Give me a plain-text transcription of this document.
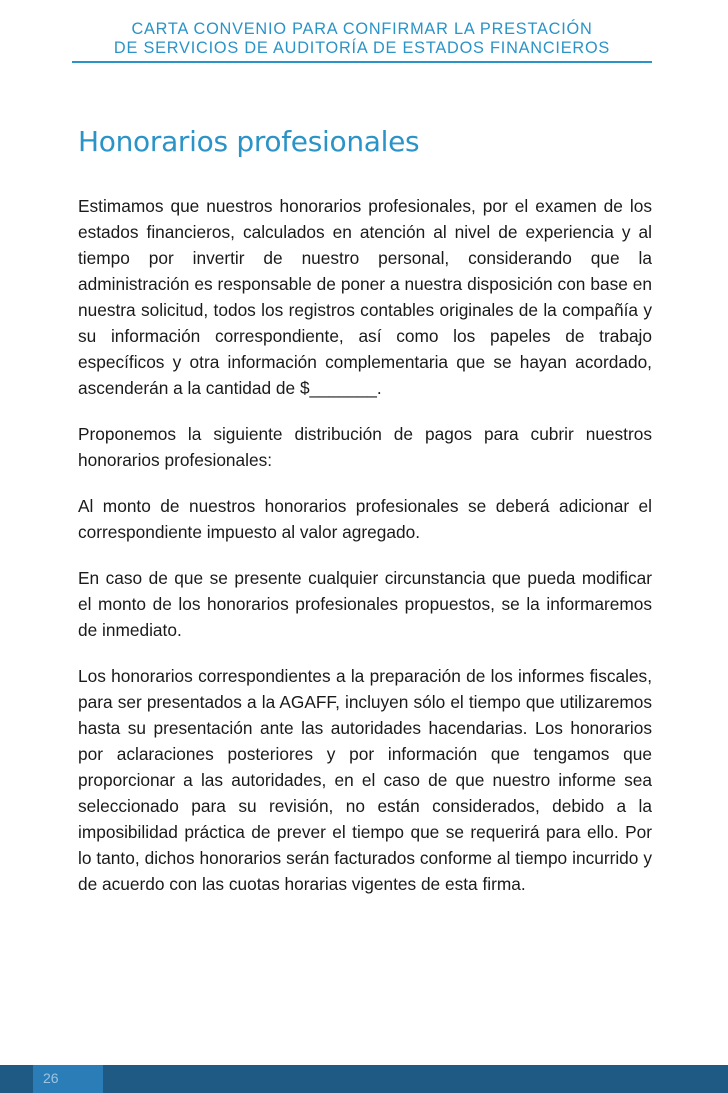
CARTA CONVENIO PARA CONFIRMAR LA PRESTACIÓN
DE SERVICIOS DE AUDITORÍA DE ESTADOS FINANCIEROS
Honorarios profesionales

Estimamos que nuestros honorarios profesionales, por el examen de los estados financieros, calculados en atención al nivel de experiencia y al tiempo por invertir de nuestro personal, considerando que la administración es responsable de poner a nuestra disposición con base en nuestra solicitud, todos los registros contables originales de la compañía y su información correspondiente, así como los papeles de trabajo específicos y otra información complementaria que se hayan acordado, ascenderán a la cantidad de $_______.

Proponemos la siguiente distribución de pagos para cubrir nuestros honorarios profesionales:

Al monto de nuestros honorarios profesionales se deberá adicionar el correspondiente impuesto al valor agregado.

En caso de que se presente cualquier circunstancia que pueda modificar el monto de los honorarios profesionales propuestos, se la informaremos de inmediato.

Los honorarios correspondientes a la preparación de los informes fiscales, para ser presentados a la AGAFF, incluyen sólo el tiempo que utilizaremos hasta su presentación ante las autoridades hacendarias. Los honorarios por aclaraciones posteriores y por información que tengamos que proporcionar a las autoridades, en el caso de que nuestro informe sea seleccionado para su revisión, no están considerados, debido a la imposibilidad práctica de prever el tiempo que se requerirá para ello. Por lo tanto, dichos honorarios serán facturados conforme al tiempo incurrido y de acuerdo con las cuotas horarias vigentes de esta firma.

26
